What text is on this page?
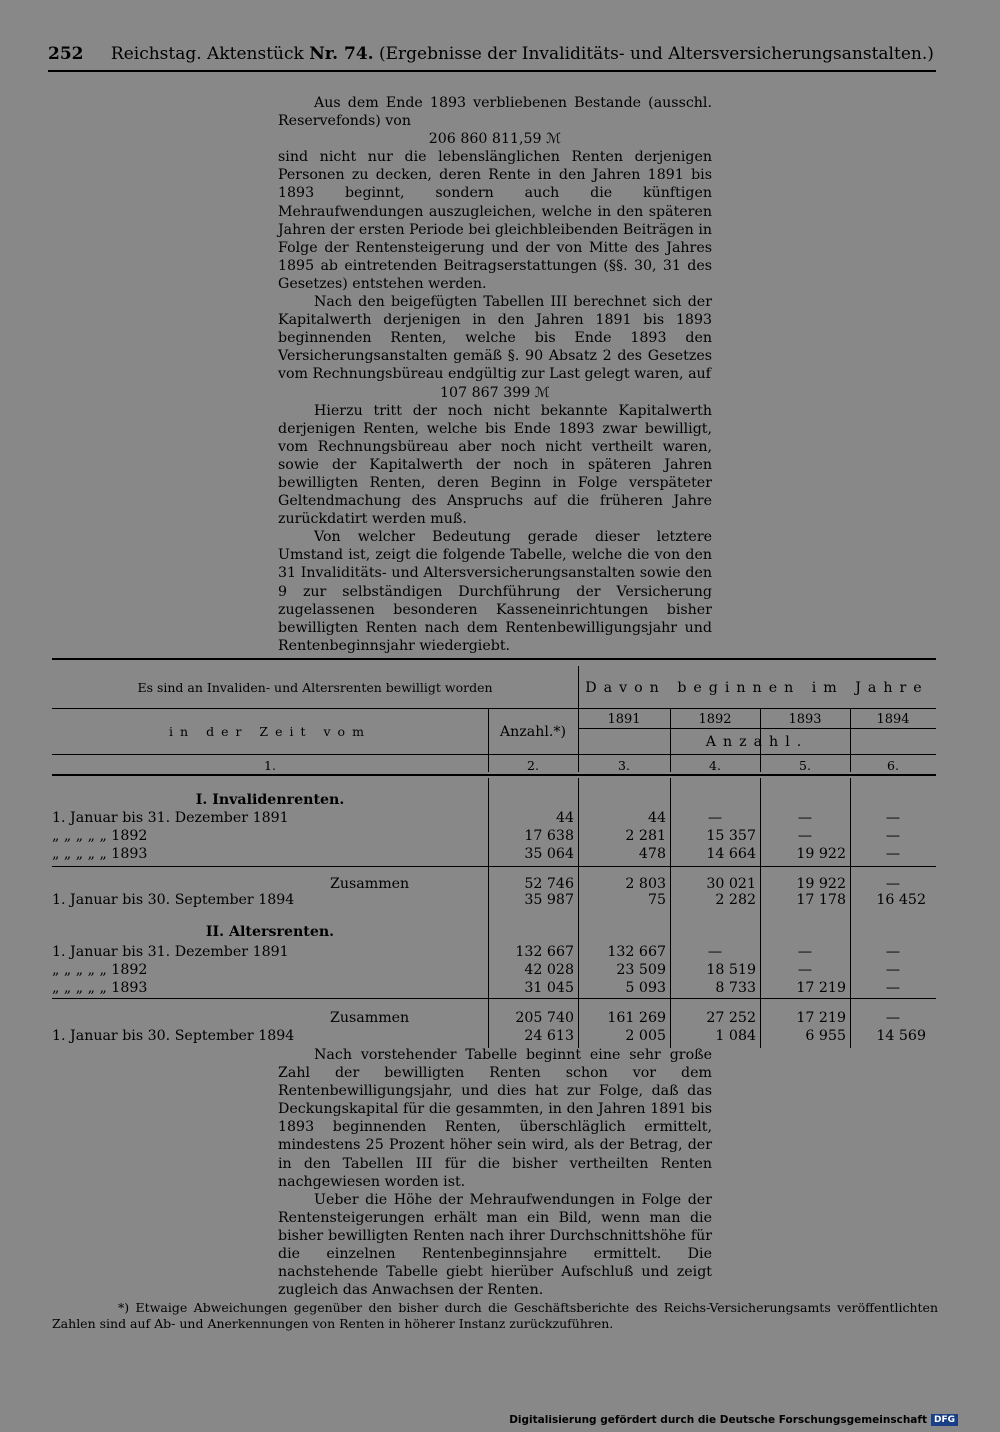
252 Reichstag. Aktenstück Nr. 74. (Ergebnisse der Invaliditäts- und Altersversicherungsanstalten.)

Aus dem Ende 1893 verbliebenen Bestande (ausschl. Reservefonds) von

206 860 811,59 ℳ

sind nicht nur die lebenslänglichen Renten derjenigen Personen zu decken, deren Rente in den Jahren 1891 bis 1893 beginnt, sondern auch die künftigen Mehraufwendungen auszugleichen, welche in den späteren Jahren der ersten Periode bei gleichbleibenden Beiträgen in Folge der Rentensteigerung und der von Mitte des Jahres 1895 ab eintretenden Beitragserstattungen (§§. 30, 31 des Gesetzes) entstehen werden.

Nach den beigefügten Tabellen III berechnet sich der Kapitalwerth derjenigen in den Jahren 1891 bis 1893 beginnenden Renten, welche bis Ende 1893 den Versicherungsanstalten gemäß §. 90 Absatz 2 des Gesetzes vom Rechnungsbüreau endgültig zur Last gelegt waren, auf

107 867 399 ℳ

Hierzu tritt der noch nicht bekannte Kapitalwerth derjenigen Renten, welche bis Ende 1893 zwar bewilligt, vom Rechnungsbüreau aber noch nicht vertheilt waren, sowie der Kapitalwerth der noch in späteren Jahren bewilligten Renten, deren Beginn in Folge verspäteter Geltendmachung des Anspruchs auf die früheren Jahre zurückdatirt werden muß.

Von welcher Bedeutung gerade dieser letztere Umstand ist, zeigt die folgende Tabelle, welche die von den 31 Invaliditäts- und Altersversicherungsanstalten sowie den 9 zur selbständigen Durchführung der Versicherung zugelassenen besonderen Kasseneinrichtungen bisher bewilligten Renten nach dem Rentenbewilligungsjahr und Rentenbeginnsjahr wiedergiebt.

Es sind an Invaliden- und Altersrenten bewilligt worden	Davon beginnen im Jahre
in der Zeit vom	Anzahl.*)
1891	1892	1893	1894
Anzahl.
1.	2.	3.	4.	5.	6.
I. Invalidenrenten.
1. Januar bis 31. Dezember 1891	44	44	—	—	—
„ „ „ „ „ 1892	17 638	2 281	15 357	—	—
„ „ „ „ „ 1893	35 064	478	14 664	19 922	—
Zusammen	52 746	2 803	30 021	19 922	—
1. Januar bis 30. September 1894	35 987	75	2 282	17 178	16 452
II. Altersrenten.
1. Januar bis 31. Dezember 1891	132 667	132 667	—	—	—
„ „ „ „ „ 1892	42 028	23 509	18 519	—	—
„ „ „ „ „ 1893	31 045	5 093	8 733	17 219	—
Zusammen	205 740	161 269	27 252	17 219	—
1. Januar bis 30. September 1894	24 613	2 005	1 084	6 955	14 569

Nach vorstehender Tabelle beginnt eine sehr große Zahl der bewilligten Renten schon vor dem Rentenbewilligungsjahr, und dies hat zur Folge, daß das Deckungskapital für die gesammten, in den Jahren 1891 bis 1893 beginnenden Renten, überschläglich ermittelt, mindestens 25 Prozent höher sein wird, als der Betrag, der in den Tabellen III für die bisher vertheilten Renten nachgewiesen worden ist.

Ueber die Höhe der Mehraufwendungen in Folge der Rentensteigerungen erhält man ein Bild, wenn man die bisher bewilligten Renten nach ihrer Durchschnittshöhe für die einzelnen Rentenbeginnsjahre ermittelt. Die nachstehende Tabelle giebt hierüber Aufschluß und zeigt zugleich das Anwachsen der Renten.

*) Etwaige Abweichungen gegenüber den bisher durch die Geschäftsberichte des Reichs-Versicherungsamts veröffentlichten Zahlen sind auf Ab- und Anerkennungen von Renten in höherer Instanz zurückzuführen.

Digitalisierung gefördert durch die Deutsche Forschungsgemeinschaft DFG
